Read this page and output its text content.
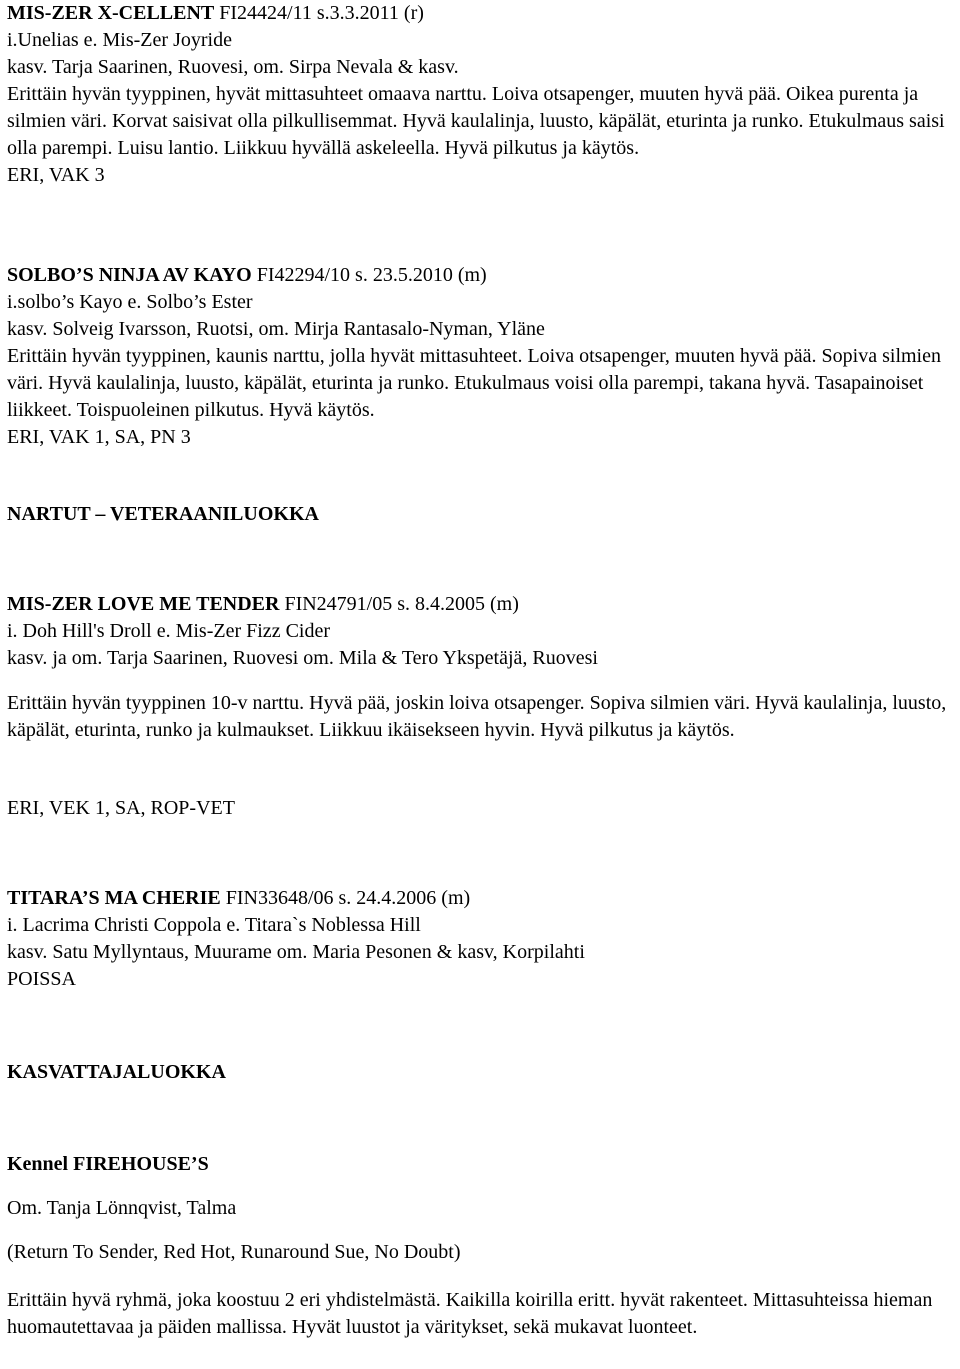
MIS-ZER X-CELLENT FI24424/11 s.3.3.2011 (r)
i.Unelias e. Mis-Zer Joyride
kasv. Tarja Saarinen, Ruovesi, om. Sirpa Nevala & kasv.
Erittäin hyvän tyyppinen, hyvät mittasuhteet omaava narttu. Loiva otsapenger, muuten hyvä pää. Oikea purenta ja silmien väri. Korvat saisivat olla pilkullisemmat. Hyvä kaulalinja, luusto, käpälät, eturinta ja runko. Etukulmaus saisi olla parempi. Luisu lantio. Liikkuu hyvällä askeleella. Hyvä pilkutus ja käytös.
ERI, VAK 3
SOLBO’S NINJA AV KAYO FI42294/10 s. 23.5.2010 (m)
i.solbo’s Kayo e. Solbo’s Ester
kasv. Solveig Ivarsson, Ruotsi, om. Mirja Rantasalo-Nyman, Yläne
Erittäin hyvän tyyppinen, kaunis narttu, jolla hyvät mittasuhteet. Loiva otsapenger, muuten hyvä pää. Sopiva silmien väri. Hyvä kaulalinja, luusto, käpälät, eturinta ja runko. Etukulmaus voisi olla parempi, takana hyvä. Tasapainoiset liikkeet. Toispuoleinen pilkutus. Hyvä käytös.
ERI, VAK 1, SA, PN 3
NARTUT – VETERAANILUOKKA
MIS-ZER LOVE ME TENDER FIN24791/05 s. 8.4.2005 (m)
i. Doh Hill's Droll e. Mis-Zer Fizz Cider
kasv. ja om. Tarja Saarinen, Ruovesi om. Mila & Tero Ykspetäjä, Ruovesi
Erittäin hyvän tyyppinen 10-v narttu. Hyvä pää, joskin loiva otsapenger. Sopiva silmien väri. Hyvä kaulalinja, luusto, käpälät, eturinta, runko ja kulmaukset. Liikkuu ikäisekseen hyvin. Hyvä pilkutus ja käytös.
ERI, VEK 1, SA, ROP-VET
TITARA’S MA CHERIE FIN33648/06 s. 24.4.2006 (m)
i. Lacrima Christi Coppola e. Titara`s Noblessa Hill
kasv. Satu Myllyntaus, Muurame om. Maria Pesonen & kasv, Korpilahti
POISSA
KASVATTAJALUOKKA
Kennel FIREHOUSE’S
Om. Tanja Lönnqvist, Talma
(Return To Sender, Red Hot, Runaround Sue, No Doubt)
Erittäin hyvä ryhmä, joka koostuu 2 eri yhdistelmästä. Kaikilla koirilla eritt. hyvät rakenteet. Mittasuhteissa hieman huomautettavaa ja päiden mallissa. Hyvät luustot ja väritykset, sekä mukavat luonteet.
